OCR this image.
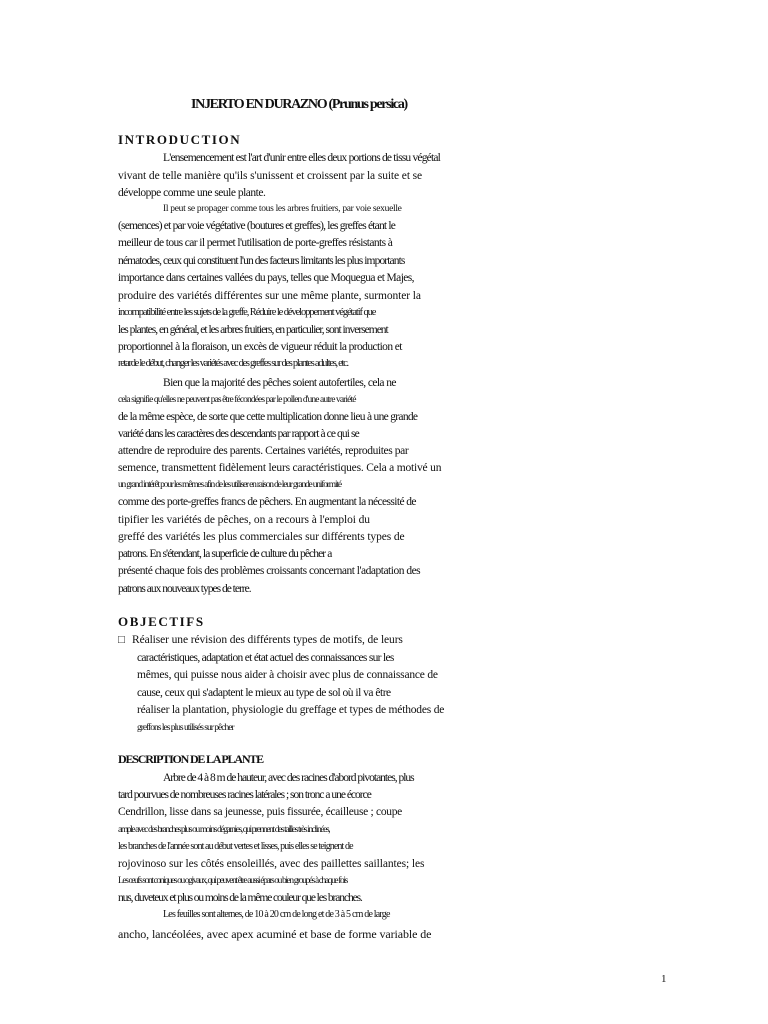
INJERTO EN DURAZNO (Prunus persica)
INTRODUCTION
L'ensemencement est l'art d'unir entre elles deux portions de tissu végétal
vivant de telle manière qu'ils s'unissent et croissent par la suite et se
développe comme une seule plante.
Il peut se propager comme tous les arbres fruitiers, par voie sexuelle
(semences) et par voie végétative (boutures et greffes), les greffes étant le
meilleur de tous car il permet l'utilisation de porte-greffes résistants à
nématodes, ceux qui constituent l'un des facteurs limitants les plus importants
importance dans certaines vallées du pays, telles que Moquegua et Majes,
produire des variétés différentes sur une même plante, surmonter la
incompatibilité entre les sujets de la greffe, Réduire le développement végétatif que
les plantes, en général, et les arbres fruitiers, en particulier, sont inversement
proportionnel à la floraison, un excès de vigueur réduit la production et
retarde le début, changer les variétés avec des greffes sur des plantes adultes, etc.
Bien que la majorité des pêches soient autofertiles, cela ne
cela signifie qu'elles ne peuvent pas être fécondées par le pollen d'une autre variété
de la même espèce, de sorte que cette multiplication donne lieu à une grande
variété dans les caractères des descendants par rapport à ce qui se
attendre de reproduire des parents. Certaines variétés, reproduites par
semence, transmettent fidèlement leurs caractéristiques. Cela a motivé un
un grand intérêt pour les mêmes afin de les utiliser en raison de leur grande uniformité
comme des porte-greffes francs de pêchers. En augmentant la nécessité de
tipifier les variétés de pêches, on a recours à l'emploi du
greffé des variétés les plus commerciales sur différents types de
patrons. En s'étendant, la superficie de culture du pêcher a
présenté chaque fois des problèmes croissants concernant l'adaptation des
patrons aux nouveaux types de terre.
OBJECTIFS
□ Réaliser une révision des différents types de motifs, de leurs
caractéristiques, adaptation et état actuel des connaissances sur les
mêmes, qui puisse nous aider à choisir avec plus de connaissance de
cause, ceux qui s'adaptent le mieux au type de sol où il va être
réaliser la plantation, physiologie du greffage et types de méthodes de
greffons les plus utilisés sur pêcher
DESCRIPTION DE LA PLANTE
Arbre de 4 à 8 m de hauteur, avec des racines d'abord pivotantes, plus
tard pourvues de nombreuses racines latérales ; son tronc a une écorce
Cendrillon, lisse dans sa jeunesse, puis fissurée, écailleuse ; coupe
ample avec des branches plus ou moins dégarnies, qui prennent des tailles très inclinées,
les branches de l'année sont au début vertes et lisses, puis elles se teignent de
rojovinoso sur les côtés ensoleillés, avec des paillettes saillantes; les
Les œufs sont coniques ou ogivaux, qui peuvent être aussi épars ou bien groupés à chaque fois
nus, duveteux et plus ou moins de la même couleur que les branches.
Les feuilles sont alternes, de 10 à 20 cm de long et de 3 à 5 cm de large
ancho, lancéolées, avec apex acuminé et base de forme variable de
1
